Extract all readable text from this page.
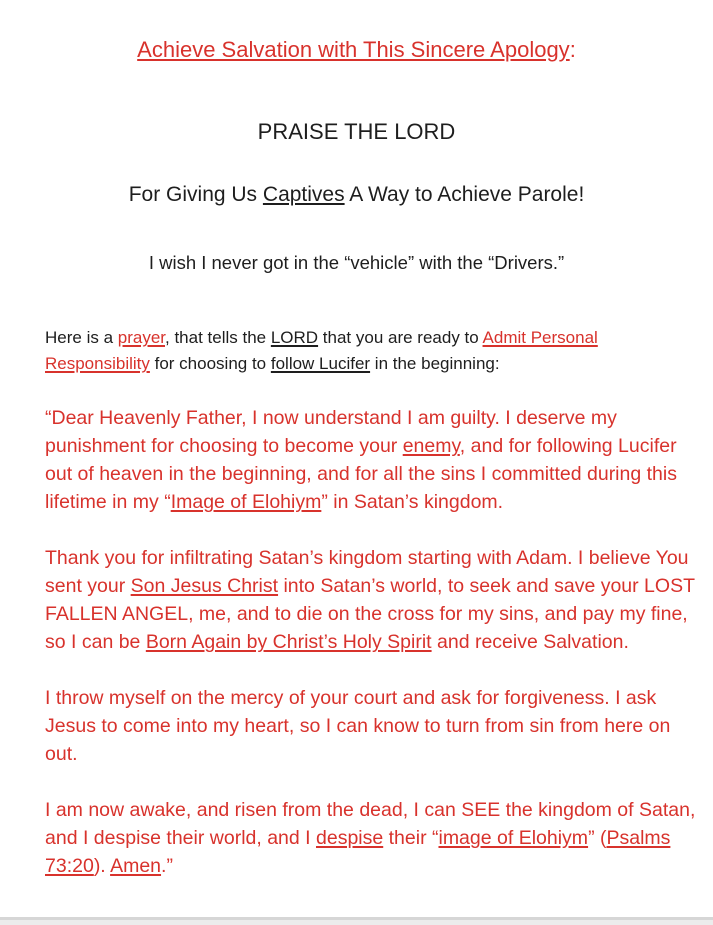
Achieve Salvation with This Sincere Apology:
PRAISE THE LORD
For Giving Us Captives A Way to Achieve Parole!
I wish I never got in the “vehicle” with the “Drivers.”
Here is a prayer, that tells the LORD that you are ready to Admit Personal Responsibility for choosing to follow Lucifer in the beginning:
“Dear Heavenly Father, I now understand I am guilty. I deserve my punishment for choosing to become your enemy, and for following Lucifer out of heaven in the beginning, and for all the sins I committed during this lifetime in my “Image of Elohiym” in Satan’s kingdom.
Thank you for infiltrating Satan’s kingdom starting with Adam. I believe You sent your Son Jesus Christ into Satan’s world, to seek and save your LOST FALLEN ANGEL, me, and to die on the cross for my sins, and pay my fine, so I can be Born Again by Christ’s Holy Spirit and receive Salvation.
I throw myself on the mercy of your court and ask for forgiveness. I ask Jesus to come into my heart, so I can know to turn from sin from here on out.
I am now awake, and risen from the dead, I can SEE the kingdom of Satan, and I despise their world, and I despise their “image of Elohiym” (Psalms 73:20). Amen.”
